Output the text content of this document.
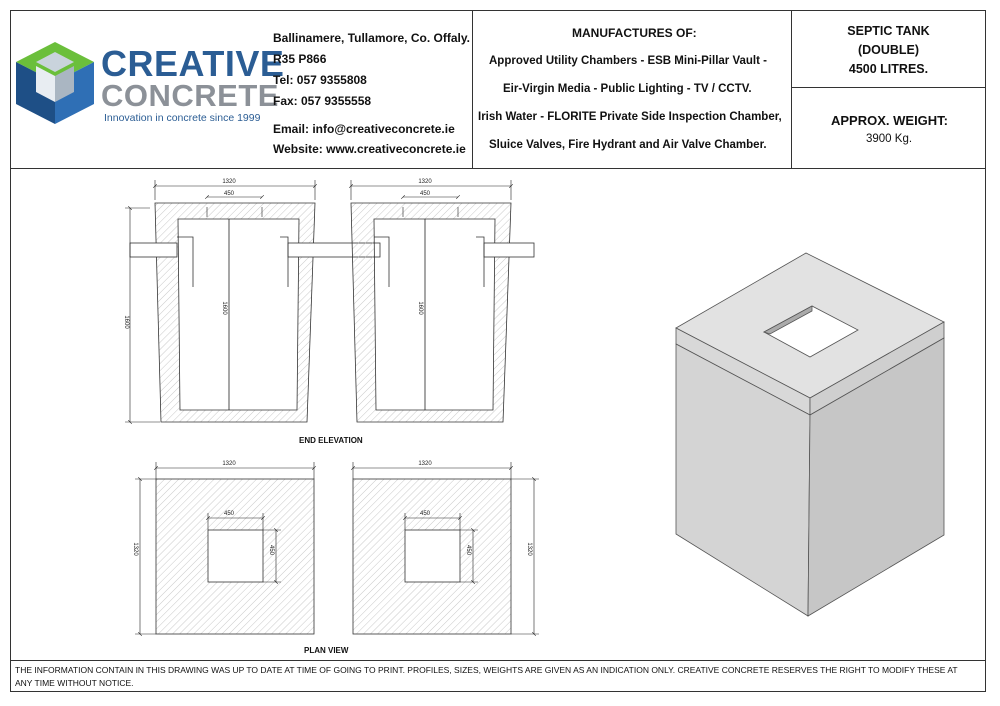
CREATIVE
CONCRETE
Innovation in concrete since 1999
Ballinamere, Tullamore, Co. Offaly.
R35 P866
Tel: 057 9355808
Fax: 057 9355558
Email: info@creativeconcrete.ie
Website: www.creativeconcrete.ie
MANUFACTURES OF:
Approved Utility Chambers - ESB Mini-Pillar Vault -
Eir-Virgin Media - Public Lighting - TV / CCTV.
Irish Water - FLORITE Private Side Inspection Chamber,
Sluice Valves, Fire Hydrant and Air Valve Chamber.
SEPTIC TANK
(DOUBLE)
4500 LITRES.
APPROX. WEIGHT:
3900 Kg.
1320
450
1320
450
1600
1600	1600
1320
450
450
1320
1320
450
450	1320
END ELEVATION
PLAN VIEW
THE INFORMATION CONTAIN IN THIS DRAWING WAS UP TO DATE AT TIME OF GOING TO PRINT. PROFILES, SIZES, WEIGHTS ARE GIVEN AS AN INDICATION ONLY. CREATIVE CONCRETE RESERVES THE RIGHT TO MODIFY THESE AT ANY TIME WITHOUT NOTICE.
